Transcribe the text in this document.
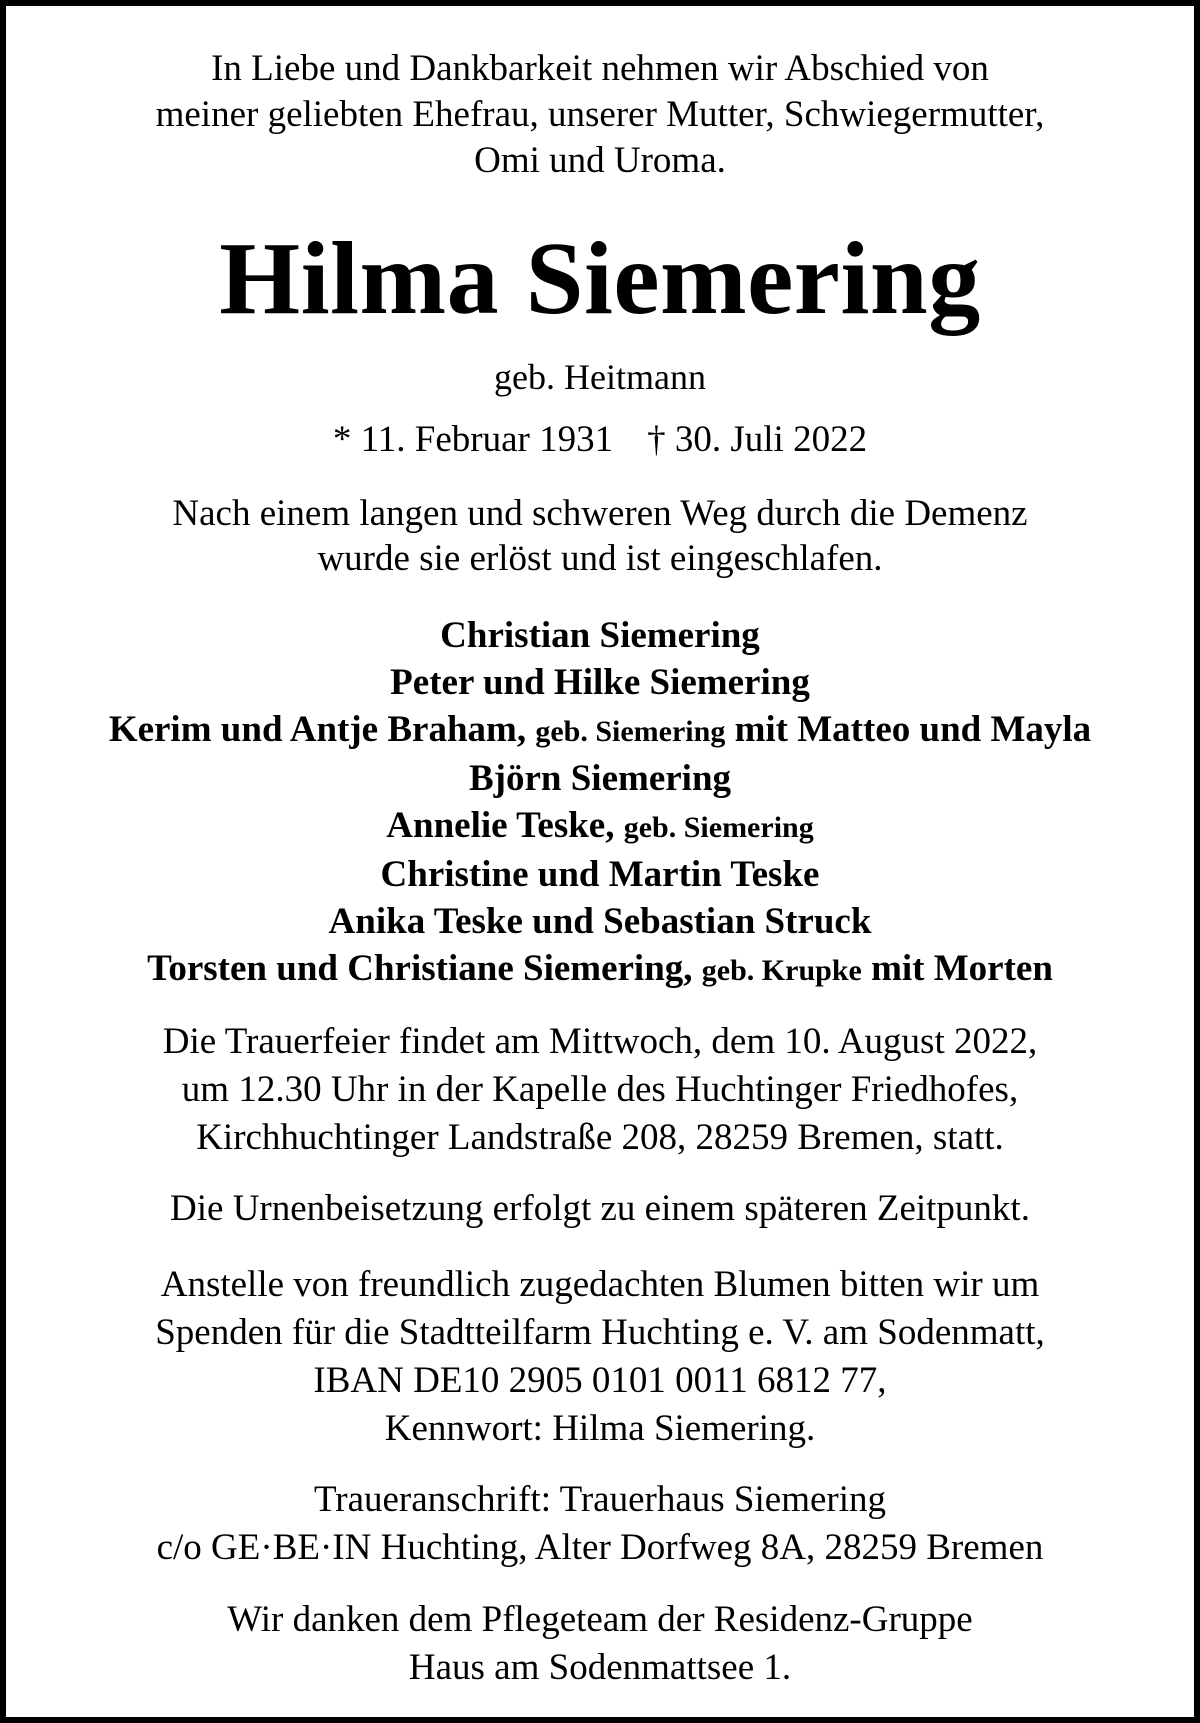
In Liebe und Dankbarkeit nehmen wir Abschied von
meiner geliebten Ehefrau, unserer Mutter, Schwiegermutter,
Omi und Uroma.
Hilma Siemering
geb. Heitmann
* 11. Februar 1931 † 30. Juli 2022
Nach einem langen und schweren Weg durch die Demenz
wurde sie erlöst und ist eingeschlafen.
Christian Siemering
Peter und Hilke Siemering
Kerim und Antje Braham, geb. Siemering mit Matteo und Mayla
Björn Siemering
Annelie Teske, geb. Siemering
Christine und Martin Teske
Anika Teske und Sebastian Struck
Torsten und Christiane Siemering, geb. Krupke mit Morten
Die Trauerfeier findet am Mittwoch, dem 10. August 2022,
um 12.30 Uhr in der Kapelle des Huchtinger Friedhofes,
Kirchhuchtinger Landstraße 208, 28259 Bremen, statt.
Die Urnenbeisetzung erfolgt zu einem späteren Zeitpunkt.
Anstelle von freundlich zugedachten Blumen bitten wir um
Spenden für die Stadtteilfarm Huchting e. V. am Sodenmatt,
IBAN DE10 2905 0101 0011 6812 77,
Kennwort: Hilma Siemering.
Traueranschrift: Trauerhaus Siemering
c/o GE·BE·IN Huchting, Alter Dorfweg 8A, 28259 Bremen
Wir danken dem Pflegeteam der Residenz-Gruppe
Haus am Sodenmattsee 1.
